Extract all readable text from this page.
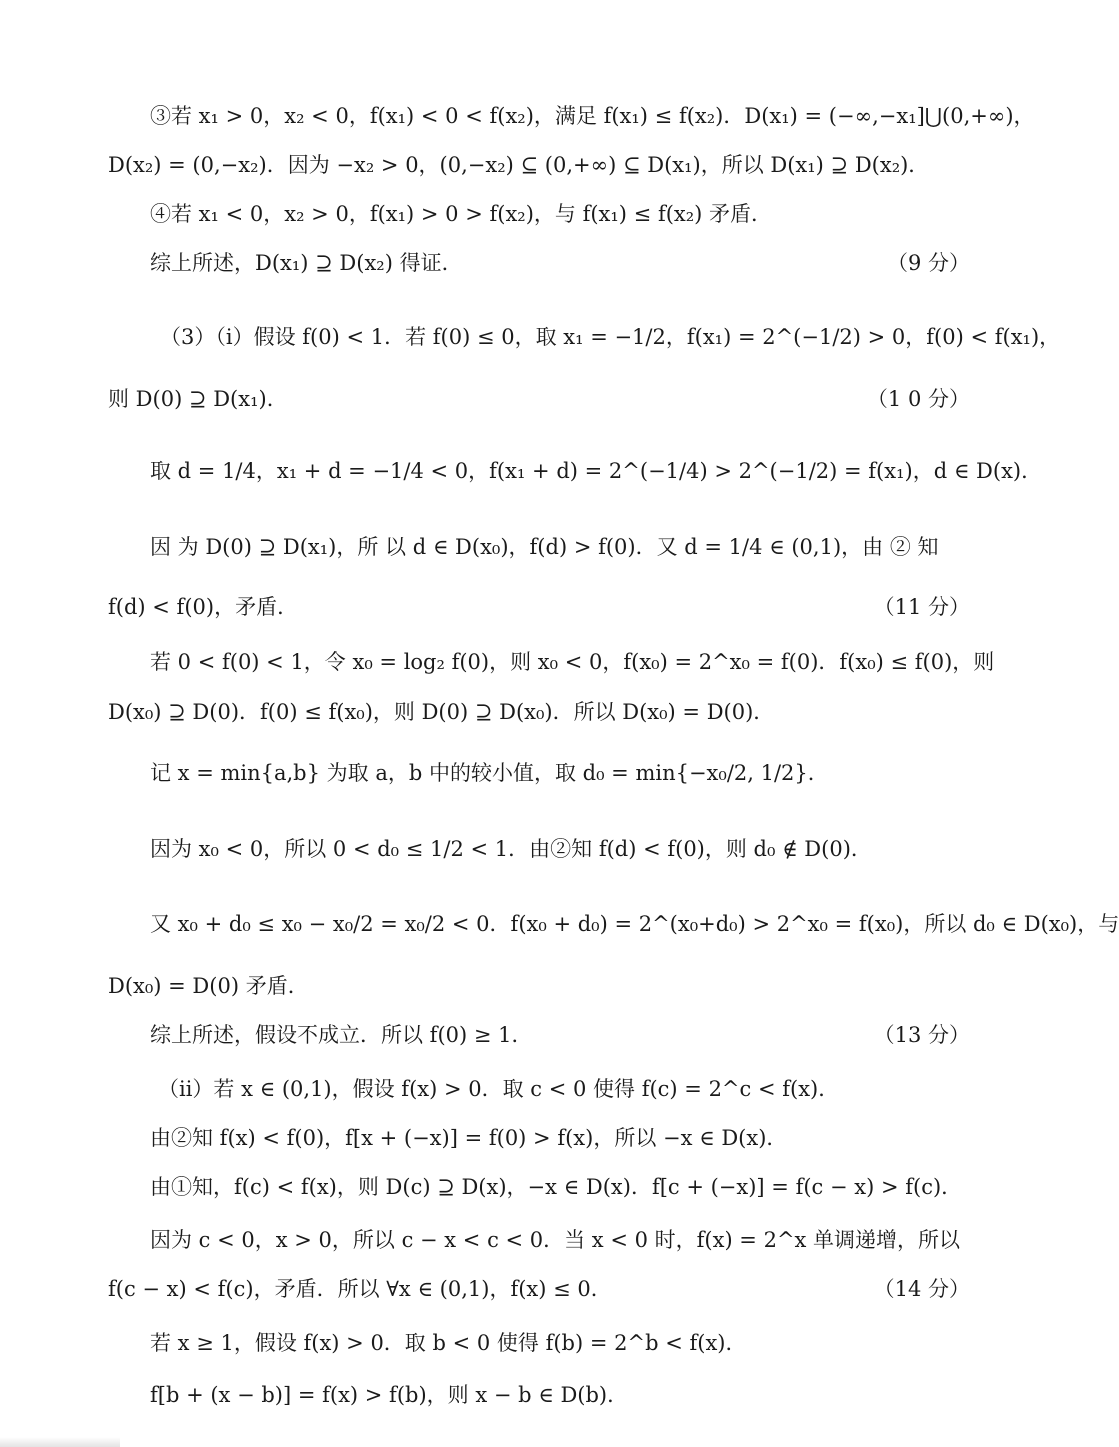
③若 x₁ > 0，x₂ < 0，f(x₁) < 0 < f(x₂)，满足 f(x₁) ≤ f(x₂)．D(x₁) = (−∞,−x₁]⋃(0,+∞)，
D(x₂) = (0,−x₂)．因为 −x₂ > 0，(0,−x₂) ⊆ (0,+∞) ⊆ D(x₁)，所以 D(x₁) ⊇ D(x₂)．
④若 x₁ < 0，x₂ > 0，f(x₁) > 0 > f(x₂)，与 f(x₁) ≤ f(x₂) 矛盾．
综上所述，D(x₁) ⊇ D(x₂) 得证．	（9 分）
（3）（ⅰ）假设 f(0) < 1．若 f(0) ≤ 0，取 x₁ = −1/2，f(x₁) = 2^(−1/2) > 0，f(0) < f(x₁)，
则 D(0) ⊇ D(x₁)．	（1 0 分）
取 d = 1/4，x₁ + d = −1/4 < 0，f(x₁ + d) = 2^(−1/4) > 2^(−1/2) = f(x₁)，d ∈ D(x)．
因 为 D(0) ⊇ D(x₁)，所 以 d ∈ D(x₀)，f(d) > f(0)．又 d = 1/4 ∈ (0,1)，由 ② 知
f(d) < f(0)，矛盾．	（11 分）
若 0 < f(0) < 1，令 x₀ = log₂ f(0)，则 x₀ < 0，f(x₀) = 2^x₀ = f(0)．f(x₀) ≤ f(0)，则
D(x₀) ⊇ D(0)．f(0) ≤ f(x₀)，则 D(0) ⊇ D(x₀)．所以 D(x₀) = D(0)．
记 x = min{a,b} 为取 a，b 中的较小值，取 d₀ = min{−x₀/2, 1/2}．
因为 x₀ < 0，所以 0 < d₀ ≤ 1/2 < 1．由②知 f(d) < f(0)，则 d₀ ∉ D(0)．
又 x₀ + d₀ ≤ x₀ − x₀/2 = x₀/2 < 0．f(x₀ + d₀) = 2^(x₀+d₀) > 2^x₀ = f(x₀)，所以 d₀ ∈ D(x₀)，与
D(x₀) = D(0) 矛盾．
综上所述，假设不成立．所以 f(0) ≥ 1．	（13 分）
（ⅱ）若 x ∈ (0,1)，假设 f(x) > 0．取 c < 0 使得 f(c) = 2^c < f(x)．
由②知 f(x) < f(0)，f[x + (−x)] = f(0) > f(x)，所以 −x ∈ D(x)．
由①知，f(c) < f(x)，则 D(c) ⊇ D(x)，−x ∈ D(x)．f[c + (−x)] = f(c − x) > f(c)．
因为 c < 0，x > 0，所以 c − x < c < 0．当 x < 0 时，f(x) = 2^x 单调递增，所以
f(c − x) < f(c)，矛盾．所以 ∀x ∈ (0,1)，f(x) ≤ 0．	（14 分）
若 x ≥ 1，假设 f(x) > 0．取 b < 0 使得 f(b) = 2^b < f(x)．
f[b + (x − b)] = f(x) > f(b)，则 x − b ∈ D(b)．
